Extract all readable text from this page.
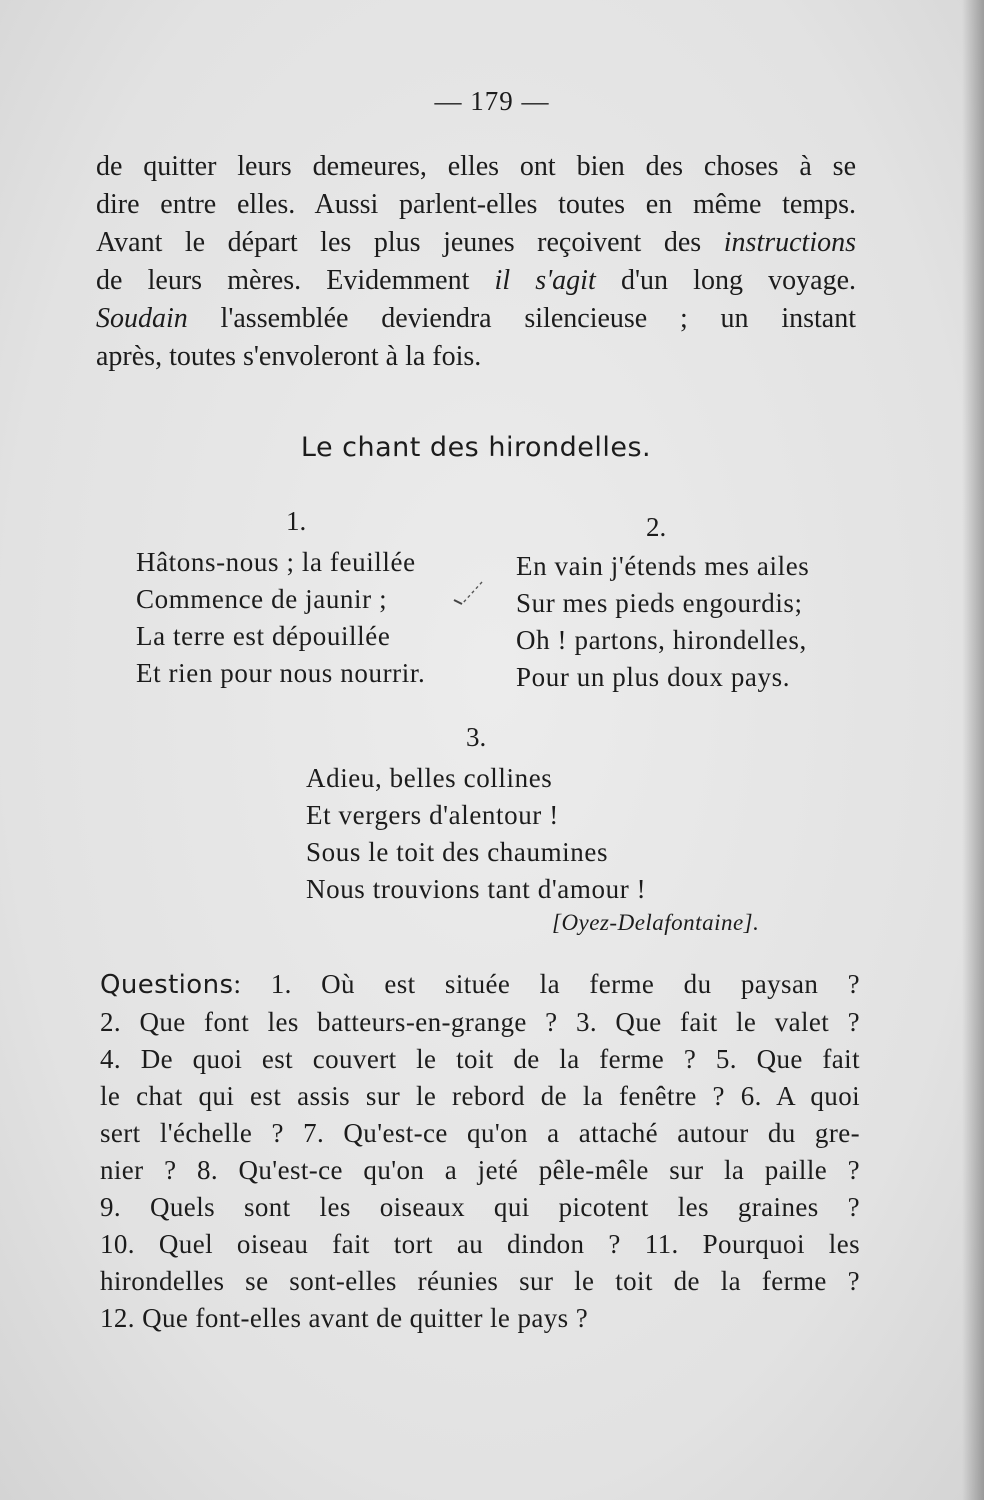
— 179 —
de quitter leurs demeures, elles ont bien des choses à se
dire entre elles. Aussi parlent-elles toutes en même temps.
Avant le départ les plus jeunes reçoivent des instructions
de leurs mères. Evidemment il s'agit d'un long voyage.
Soudain l'assemblée deviendra silencieuse ; un instant
après, toutes s'envoleront à la fois.
Le chant des hirondelles.
1.
Hâtons-nous ; la feuillée
Commence de jaunir ;
La terre est dépouillée
Et rien pour nous nourrir.
2.
En vain j'étends mes ailes
Sur mes pieds engourdis;
Oh ! partons, hirondelles,
Pour un plus doux pays.
3.
Adieu, belles collines
Et vergers d'alentour !
Sous le toit des chaumines
Nous trouvions tant d'amour !
[Oyez-Delafontaine].
Questions: 1. Où est située la ferme du paysan ?
2. Que font les batteurs-en-grange ? 3. Que fait le valet ?
4. De quoi est couvert le toit de la ferme ? 5. Que fait
le chat qui est assis sur le rebord de la fenêtre ? 6. A quoi
sert l'échelle ? 7. Qu'est-ce qu'on a attaché autour du gre-
nier ? 8. Qu'est-ce qu'on a jeté pêle-mêle sur la paille ?
9. Quels sont les oiseaux qui picotent les graines ?
10. Quel oiseau fait tort au dindon ? 11. Pourquoi les
hirondelles se sont-elles réunies sur le toit de la ferme ?
12. Que font-elles avant de quitter le pays ?
